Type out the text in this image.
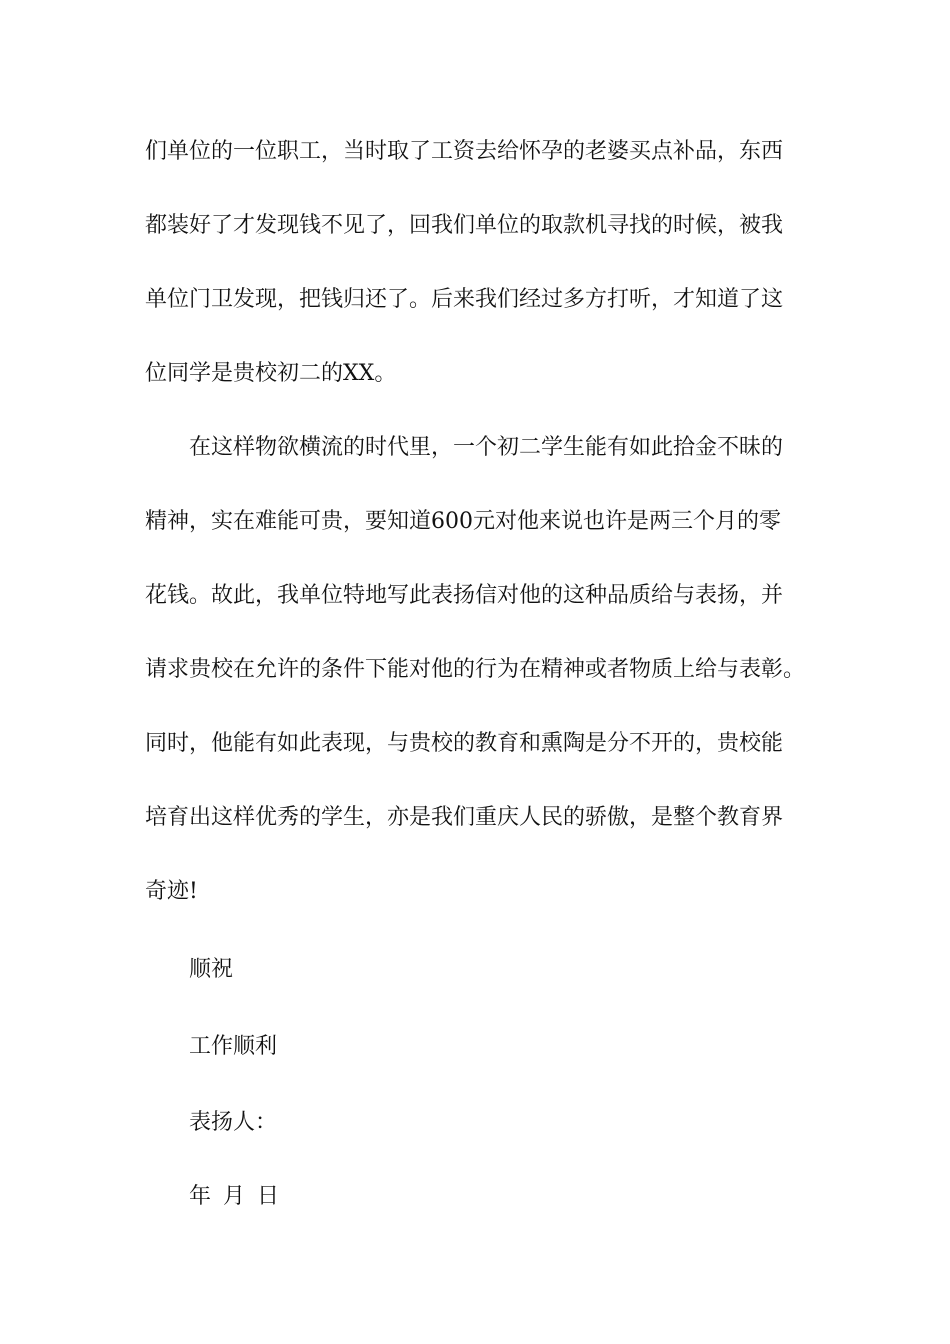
们单位的一位职工，当时取了工资去给怀孕的老婆买点补品，东西

都装好了才发现钱不见了，回我们单位的取款机寻找的时候，被我

单位门卫发现，把钱归还了。后来我们经过多方打听，才知道了这

位同学是贵校初二的XX。

在这样物欲横流的时代里，一个初二学生能有如此拾金不昧的

精神，实在难能可贵，要知道600元对他来说也许是两三个月的零

花钱。故此，我单位特地写此表扬信对他的这种品质给与表扬，并

请求贵校在允许的条件下能对他的行为在精神或者物质上给与表彰。

同时，他能有如此表现，与贵校的教育和熏陶是分不开的，贵校能

培育出这样优秀的学生，亦是我们重庆人民的骄傲，是整个教育界

奇迹!

顺祝

工作顺利

表扬人：

年 月 日
